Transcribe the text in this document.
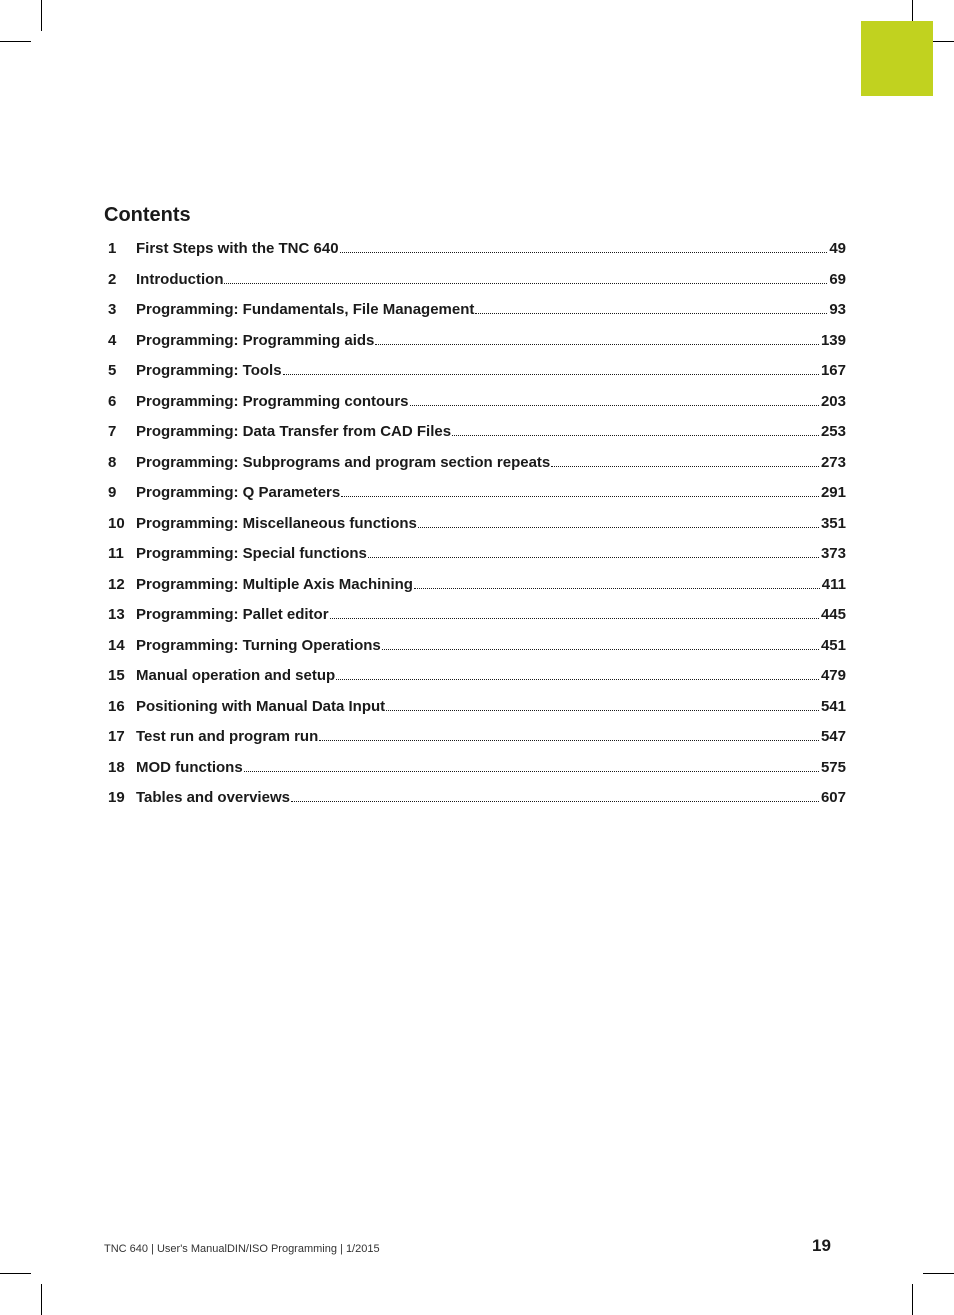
Contents
1	First Steps with the TNC 640	49
2	Introduction	69
3	Programming: Fundamentals, File Management	93
4	Programming: Programming aids	139
5	Programming: Tools	167
6	Programming: Programming contours	203
7	Programming: Data Transfer from CAD Files	253
8	Programming: Subprograms and program section repeats	273
9	Programming: Q Parameters	291
10 Programming: Miscellaneous functions	351
11 Programming: Special functions	373
12 Programming: Multiple Axis Machining	411
13 Programming: Pallet editor	445
14 Programming: Turning Operations	451
15 Manual operation and setup	479
16 Positioning with Manual Data Input	541
17 Test run and program run	547
18 MOD functions	575
19 Tables and overviews	607
TNC 640 | User's ManualDIN/ISO Programming | 1/2015	19
